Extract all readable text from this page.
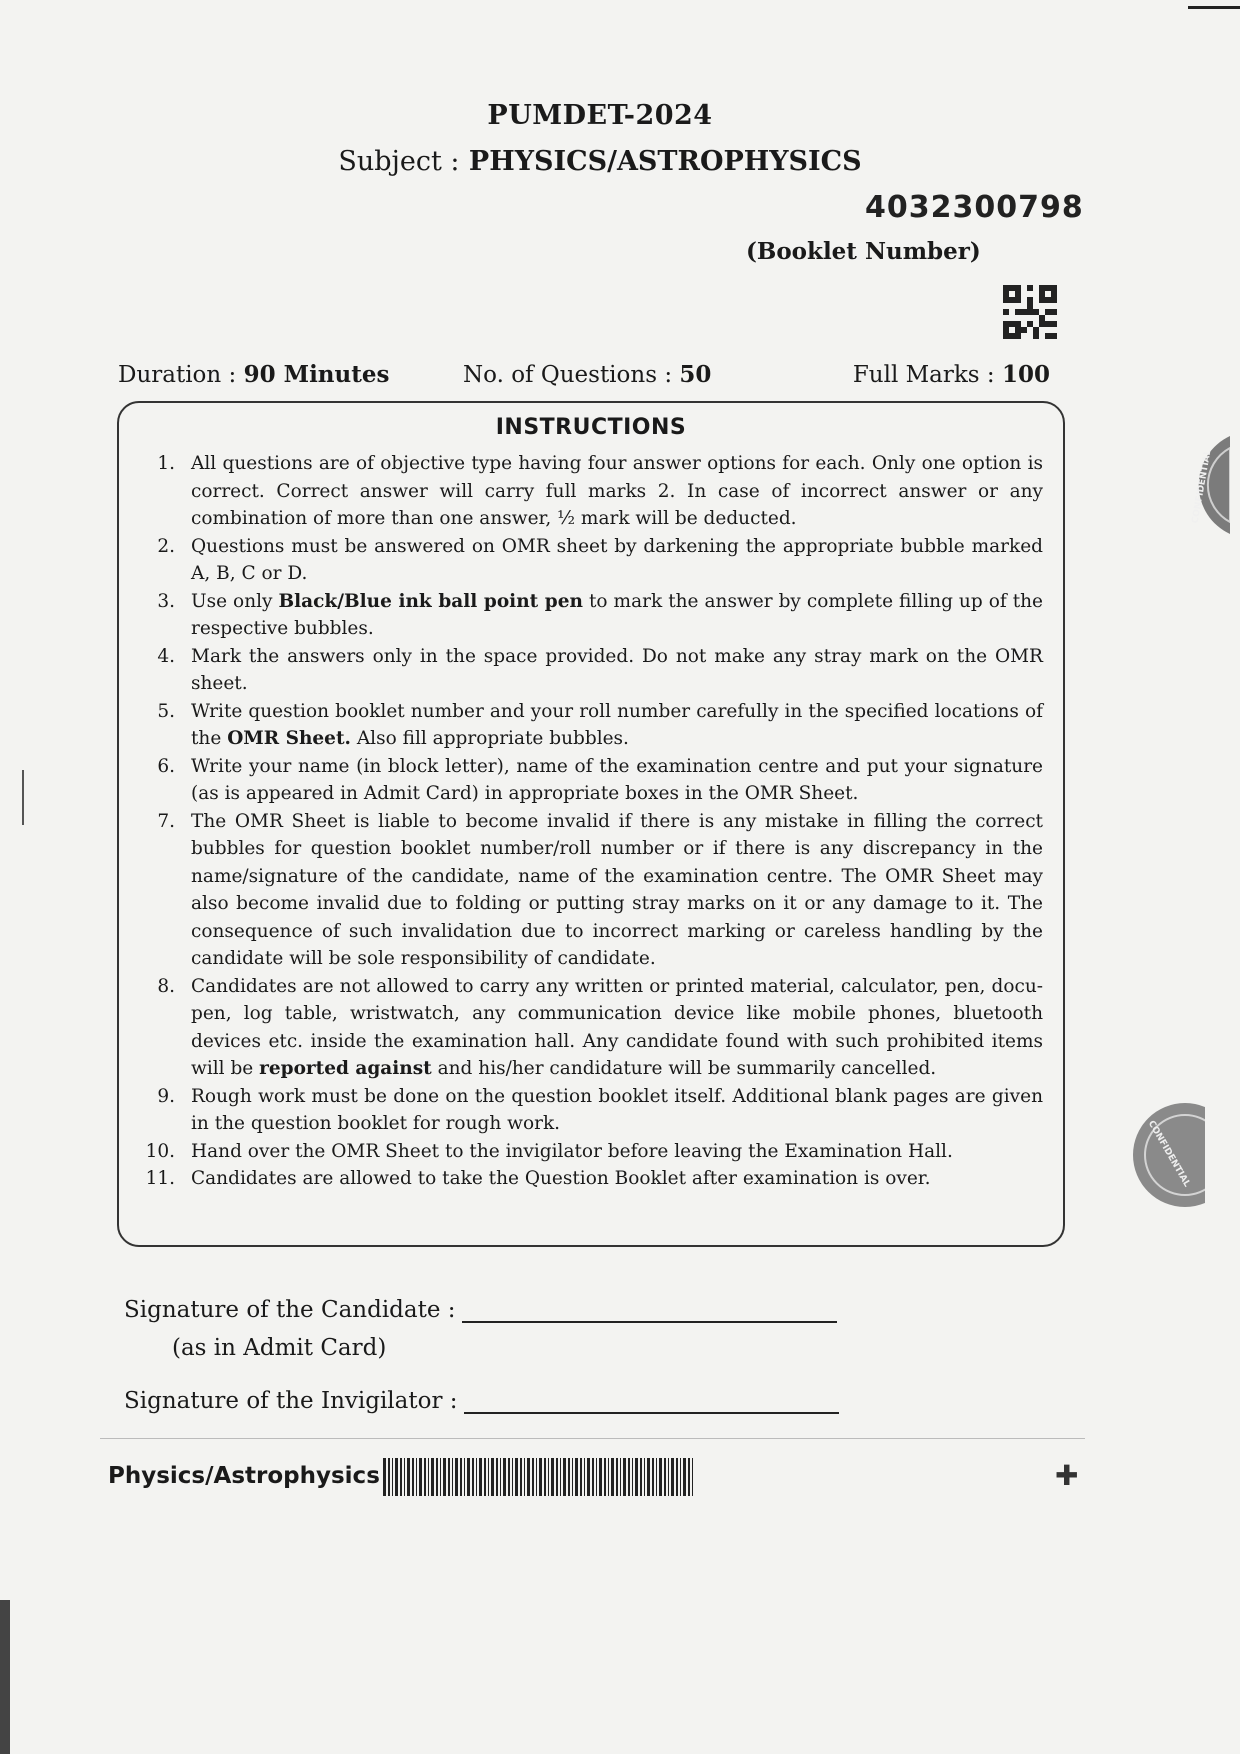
PUMDET-2024
Subject : PHYSICS/ASTROPHYSICS
4032300798
(Booklet Number)
Duration : 90 Minutes	No. of Questions : 50	Full Marks : 100
INSTRUCTIONS
1. All questions are of objective type having four answer options for each. Only one option is correct. Correct answer will carry full marks 2. In case of incorrect answer or any combination of more than one answer, ½ mark will be deducted.
2. Questions must be answered on OMR sheet by darkening the appropriate bubble marked A, B, C or D.
3. Use only Black/Blue ink ball point pen to mark the answer by complete filling up of the respective bubbles.
4. Mark the answers only in the space provided. Do not make any stray mark on the OMR sheet.
5. Write question booklet number and your roll number carefully in the specified locations of the OMR Sheet. Also fill appropriate bubbles.
6. Write your name (in block letter), name of the examination centre and put your signature (as is appeared in Admit Card) in appropriate boxes in the OMR Sheet.
7. The OMR Sheet is liable to become invalid if there is any mistake in filling the correct bubbles for question booklet number/roll number or if there is any discrepancy in the name/signature of the candidate, name of the examination centre. The OMR Sheet may also become invalid due to folding or putting stray marks on it or any damage to it. The consequence of such invalidation due to incorrect marking or careless handling by the candidate will be sole responsibility of candidate.
8. Candidates are not allowed to carry any written or printed material, calculator, pen, docu-pen, log table, wristwatch, any communication device like mobile phones, bluetooth devices etc. inside the examination hall. Any candidate found with such prohibited items will be reported against and his/her candidature will be summarily cancelled.
9. Rough work must be done on the question booklet itself. Additional blank pages are given in the question booklet for rough work.
10. Hand over the OMR Sheet to the invigilator before leaving the Examination Hall.
11. Candidates are allowed to take the Question Booklet after examination is over.
Signature of the Candidate :
(as in Admit Card)
Signature of the Invigilator :
Physics/Astrophysics	✚
CONFIDENTIAL
CONFIDENTIAL
